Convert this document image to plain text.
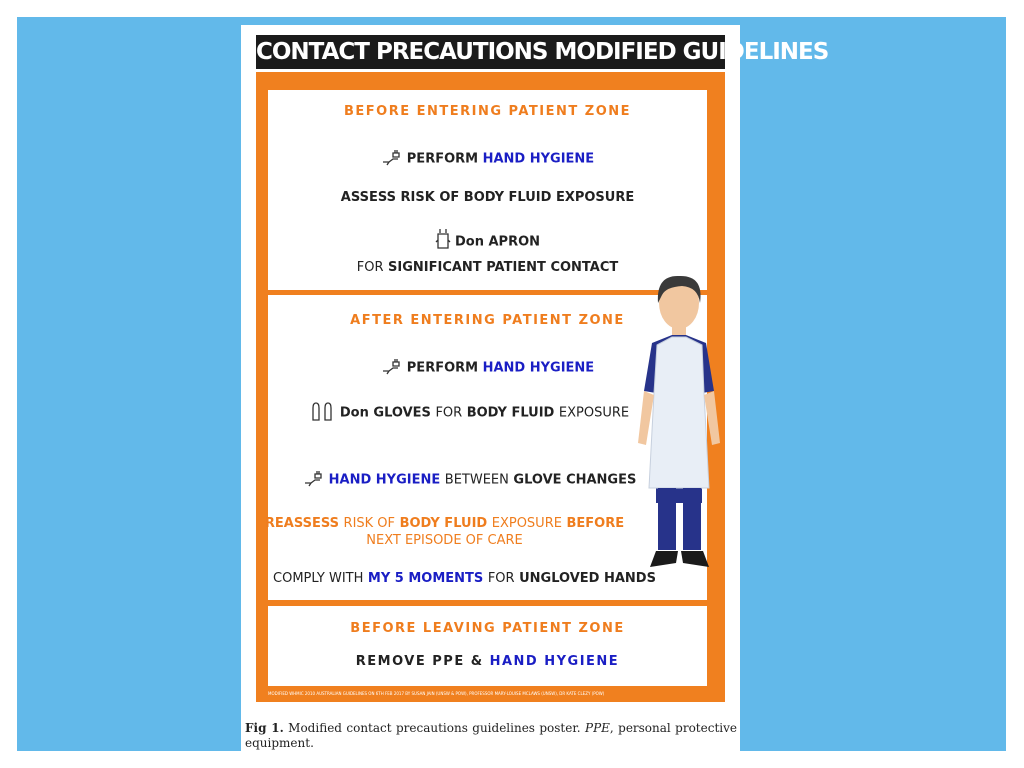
CONTACT PRECAUTIONS MODIFIED GUIDELINES
BEFORE ENTERING PATIENT ZONE
PERFORM HAND HYGIENE
ASSESS RISK OF BODY FLUID EXPOSURE
Don APRON
FOR SIGNIFICANT PATIENT CONTACT
AFTER ENTERING PATIENT ZONE
PERFORM HAND HYGIENE
Don GLOVES FOR BODY FLUID EXPOSURE
HAND HYGIENE BETWEEN GLOVE CHANGES
REASSESS RISK OF BODY FLUID EXPOSURE BEFORE
NEXT EPISODE OF CARE
COMPLY WITH MY 5 MOMENTS FOR UNGLOVED HANDS
BEFORE LEAVING PATIENT ZONE
REMOVE PPE & HAND HYGIENE
MODIFIED WHMIC 2010 AUSTRALIAN GUIDELINES ON 6TH FEB 2017 BY SUSAN JAIN (UNSW & POW), PROFESSOR MARY-LOUISE MCLAWS (UNSW), DR KATE CLEZY (POW)
Fig 1. Modified contact precautions guidelines poster. PPE, personal protective equipment.
